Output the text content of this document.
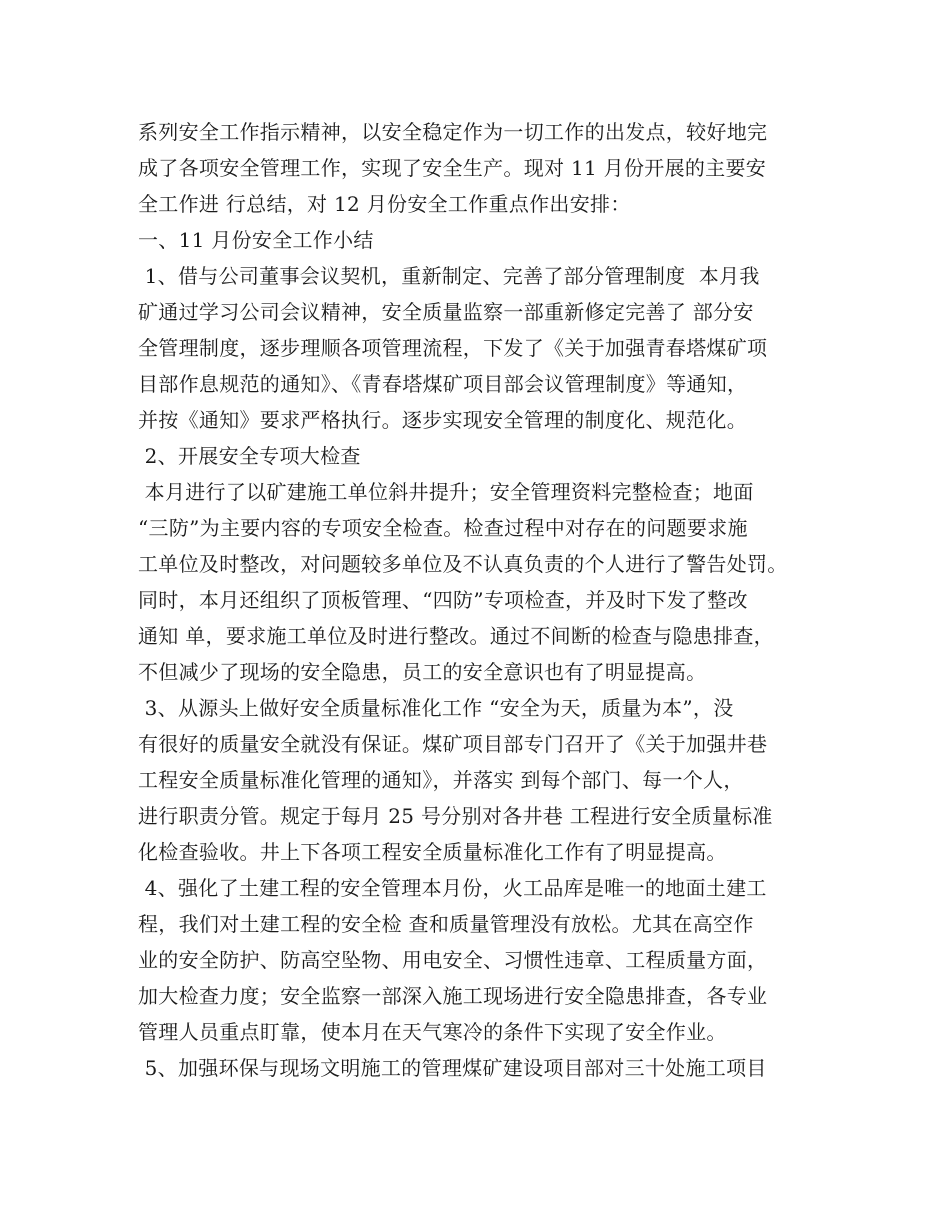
系列安全工作指示精神，以安全稳定作为一切工作的出发点，较好地完
成了各项安全管理工作，实现了安全生产。现对 11 月份开展的主要安
全工作进 行总结，对 12 月份安全工作重点作出安排：
一、11 月份安全工作小结
1、借与公司董事会议契机，重新制定、完善了部分管理制度  本月我
矿通过学习公司会议精神，安全质量监察一部重新修定完善了 部分安
全管理制度，逐步理顺各项管理流程，下发了《关于加强青春塔煤矿项
目部作息规范的通知》、《青春塔煤矿项目部会议管理制度》等通知，
并按《通知》要求严格执行。逐步实现安全管理的制度化、规范化。
2、开展安全专项大检查
本月进行了以矿建施工单位斜井提升；安全管理资料完整检查；地面
“三防”为主要内容的专项安全检查。检查过程中对存在的问题要求施
工单位及时整改，对问题较多单位及不认真负责的个人进行了警告处罚。
同时，本月还组织了顶板管理、“四防”专项检查，并及时下发了整改
通知 单，要求施工单位及时进行整改。通过不间断的检查与隐患排查，
不但减少了现场的安全隐患，员工的安全意识也有了明显提高。
3、从源头上做好安全质量标准化工作 “安全为天，质量为本”，没
有很好的质量安全就没有保证。煤矿项目部专门召开了《关于加强井巷
工程安全质量标准化管理的通知》，并落实 到每个部门、每一个人，
进行职责分管。规定于每月 25 号分别对各井巷 工程进行安全质量标准
化检查验收。井上下各项工程安全质量标准化工作有了明显提高。
4、强化了土建工程的安全管理本月份，火工品库是唯一的地面土建工
程，我们对土建工程的安全检 查和质量管理没有放松。尤其在高空作
业的安全防护、防高空坠物、用电安全、习惯性违章、工程质量方面，
加大检查力度；安全监察一部深入施工现场进行安全隐患排查，各专业
管理人员重点盯靠，使本月在天气寒冷的条件下实现了安全作业。
5、加强环保与现场文明施工的管理煤矿建设项目部对三十处施工项目
